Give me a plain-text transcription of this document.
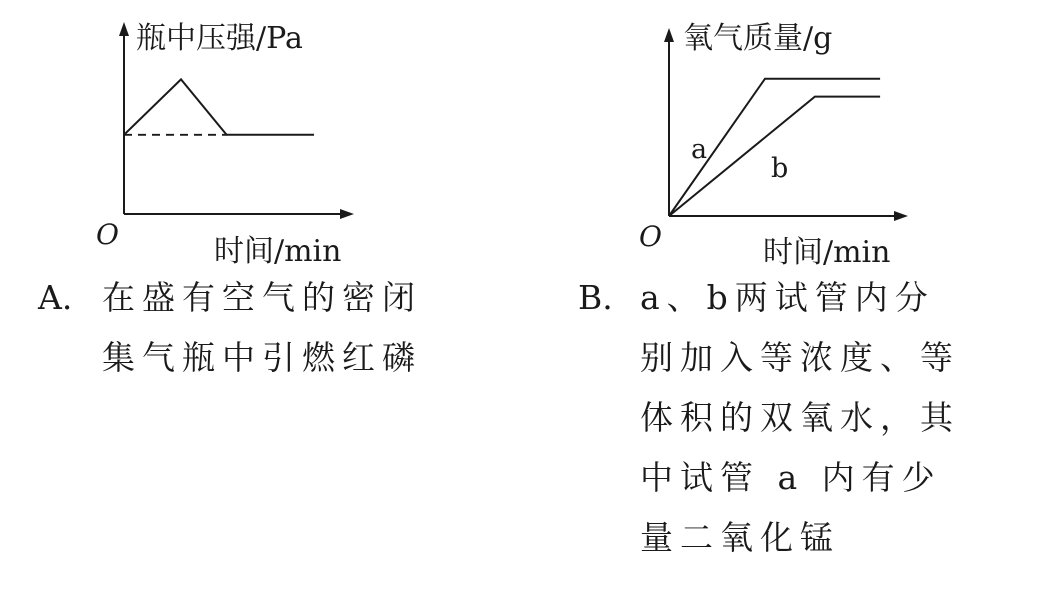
瓶中压强/Pa
时间/min
O
氧气质量/g
时间/min
O
a
b
A. 在盛有空气的密闭集气瓶中引燃红磷
B. a、b两试管内分别加入等浓度、等体积的双氧水，其中试管 a 内有少量二氧化锰
